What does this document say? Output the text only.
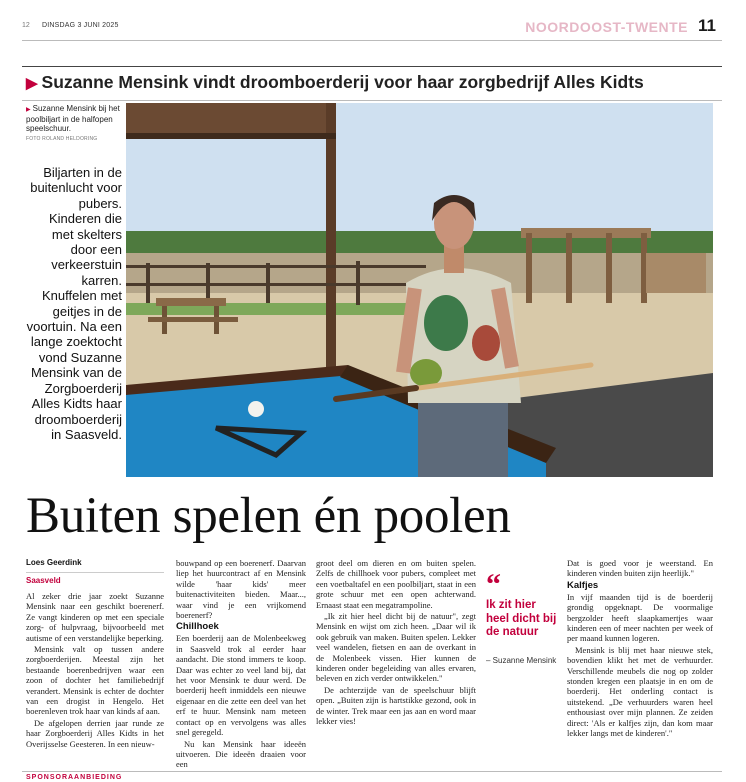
12 DINSDAG 3 JUNI 2025	NOORDOOST-TWENTE 11
▶ Suzanne Mensink vindt droomboerderij voor haar zorgbedrijf Alles Kidts
▶ Suzanne Mensink bij het poolbiljart in de halfopen speelschuur.
FOTO ROLAND HELDORING
Biljarten in de buitenlucht voor pubers. Kinderen die met skelters door een verkeerstuin karren. Knuffelen met geitjes in de voortuin. Na een lange zoektocht vond Suzanne Mensink van de Zorgboerderij Alles Kidts haar droomboerderij in Saasveld.
Buiten spelen én poolen
Loes Geerdink
Saasveld

Al zeker drie jaar zoekt Suzanne Mensink naar een geschikt boerenerf. Ze vangt kinderen op met een speciale zorg- of hulpvraag, bijvoorbeeld met autisme of een verstandelijke beperking.

Mensink valt op tussen andere zorgboerderijen. Meestal zijn het bestaande boerenbedrijven waar een zoon of dochter het familiebedrijf verandert. Mensink is echter de dochter van een drogist in Hengelo. Het boerenleven trok haar van kinds af aan.

De afgelopen derrien jaar runde ze haar Zorgboerderij Alles Kidts in het Overijsselse Geesteren. In een nieuw-

bouwpand op een boerenerf. Daarvan liep het huurcontract af en Mensink wilde 'haar kids' meer buitenactiviteiten bieden. Maar..., waar vind je een vrijkomend boerenerf?

Chillhoek

Een boerderij aan de Molenbeekweg in Saasveld trok al eerder haar aandacht. Die stond immers te koop. Daar was echter zo veel land bij, dat het voor Mensink te duur werd. De boerderij heeft inmiddels een nieuwe eigenaar en die zette een deel van het erf te huur. Mensink nam meteen contact op en vervolgens was alles snel geregeld.

Nu kan Mensink haar ideeën uitvoeren. Die ideeën draaien voor een

groot deel om dieren en om buiten spelen. Zelfs de chillhoek voor pubers, compleet met een voetbaltafel en een poolbiljart, staat in een grote schuur met een open achterwand. Ernaast staat een megatrampoline.

„Ik zit hier heel dicht bij de natuur", zegt Mensink en wijst om zich heen. „Daar wil ik ook gebruik van maken. Buiten spelen. Lekker veel wandelen, fietsen en aan de overkant in de Molenbeek vissen. Hier kunnen de kinderen onder begeleiding van alles ervaren, beleven en zich verder ontwikkelen."

De achterzijde van de speelschuur blijft open. „Buiten zijn is hartstikke gezond, ook in de winter. Trek maar een jas aan en word maar lekker vies!

“
Ik zit hier heel dicht bij de natuur
– Suzanne Mensink

Dat is goed voor je weerstand. En kinderen vinden buiten zijn heerlijk."

Kalfjes

In vijf maanden tijd is de boerderij grondig opgeknapt. De voormalige bergzolder heeft slaapkamertjes waar kinderen een of meer nachten per week of per maand kunnen logeren.

Mensink is blij met haar nieuwe stek, bovendien klikt het met de verhuurder. Verschillende meubels die nog op zolder stonden kregen een plaatsje in en om de boerderij. Het onderling contact is uitstekend. „De verhuurders waren heel enthousiast over mijn plannen. Ze zeiden direct: 'Als er kalfjes zijn, dan kom maar lekker langs met de kinderen'."

SPONSORAANBIEDING
